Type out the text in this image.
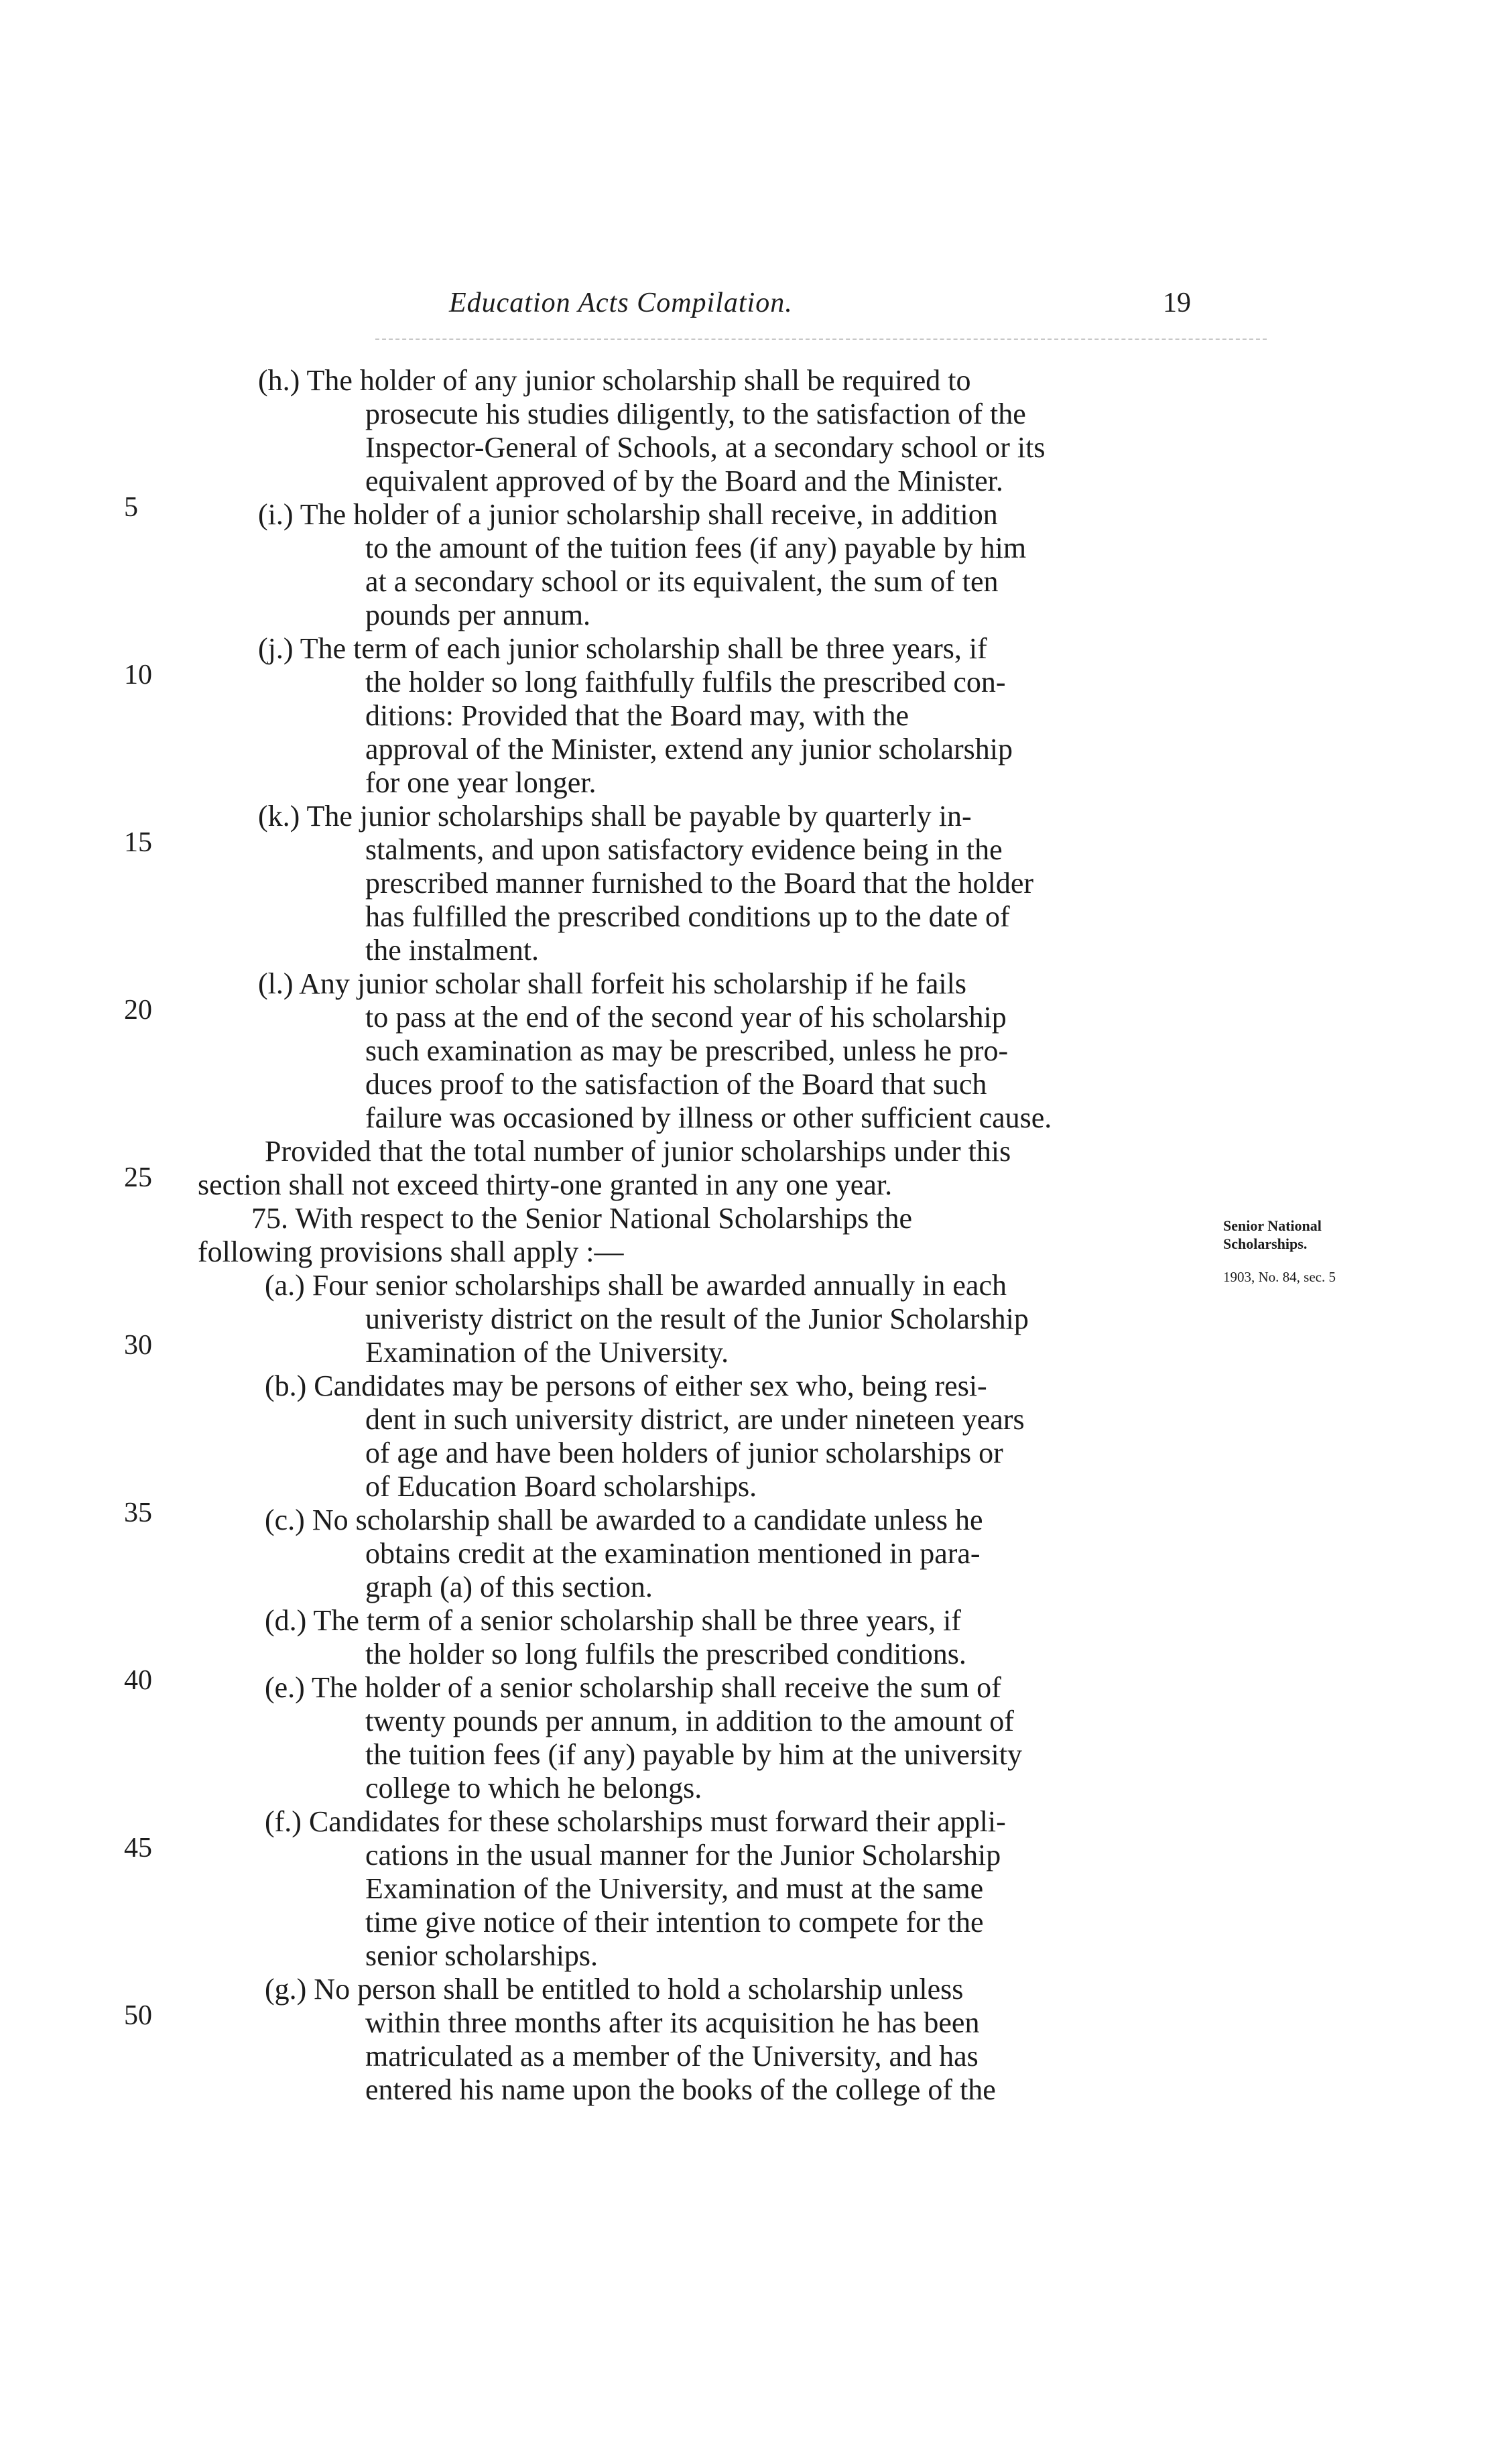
Education Acts Compilation.	19
5
10
15
20
25
30
35
40
45
50
Senior National
Scholarships.
1903, No. 84, sec. 5
(h.) The holder of any junior scholarship shall be required to
prosecute his studies diligently, to the satisfaction of the
Inspector-General of Schools, at a secondary school or its
equivalent approved of by the Board and the Minister.
(i.) The holder of a junior scholarship shall receive, in addition
to the amount of the tuition fees (if any) payable by him
at a secondary school or its equivalent, the sum of ten
pounds per annum.
(j.) The term of each junior scholarship shall be three years, if
the holder so long faithfully fulfils the prescribed con-
ditions: Provided that the Board may, with the
approval of the Minister, extend any junior scholarship
for one year longer.
(k.) The junior scholarships shall be payable by quarterly in-
stalments, and upon satisfactory evidence being in the
prescribed manner furnished to the Board that the holder
has fulfilled the prescribed conditions up to the date of
the instalment.
(l.) Any junior scholar shall forfeit his scholarship if he fails
to pass at the end of the second year of his scholarship
such examination as may be prescribed, unless he pro-
duces proof to the satisfaction of the Board that such
failure was occasioned by illness or other sufficient cause.
Provided that the total number of junior scholarships under this
section shall not exceed thirty-one granted in any one year.
75. With respect to the Senior National Scholarships the
following provisions shall apply :—
(a.) Four senior scholarships shall be awarded annually in each
univeristy district on the result of the Junior Scholarship
Examination of the University.
(b.) Candidates may be persons of either sex who, being resi-
dent in such university district, are under nineteen years
of age and have been holders of junior scholarships or
of Education Board scholarships.
(c.) No scholarship shall be awarded to a candidate unless he
obtains credit at the examination mentioned in para-
graph (a) of this section.
(d.) The term of a senior scholarship shall be three years, if
the holder so long fulfils the prescribed conditions.
(e.) The holder of a senior scholarship shall receive the sum of
twenty pounds per annum, in addition to the amount of
the tuition fees (if any) payable by him at the university
college to which he belongs.
(f.) Candidates for these scholarships must forward their appli-
cations in the usual manner for the Junior Scholarship
Examination of the University, and must at the same
time give notice of their intention to compete for the
senior scholarships.
(g.) No person shall be entitled to hold a scholarship unless
within three months after its acquisition he has been
matriculated as a member of the University, and has
entered his name upon the books of the college of the
